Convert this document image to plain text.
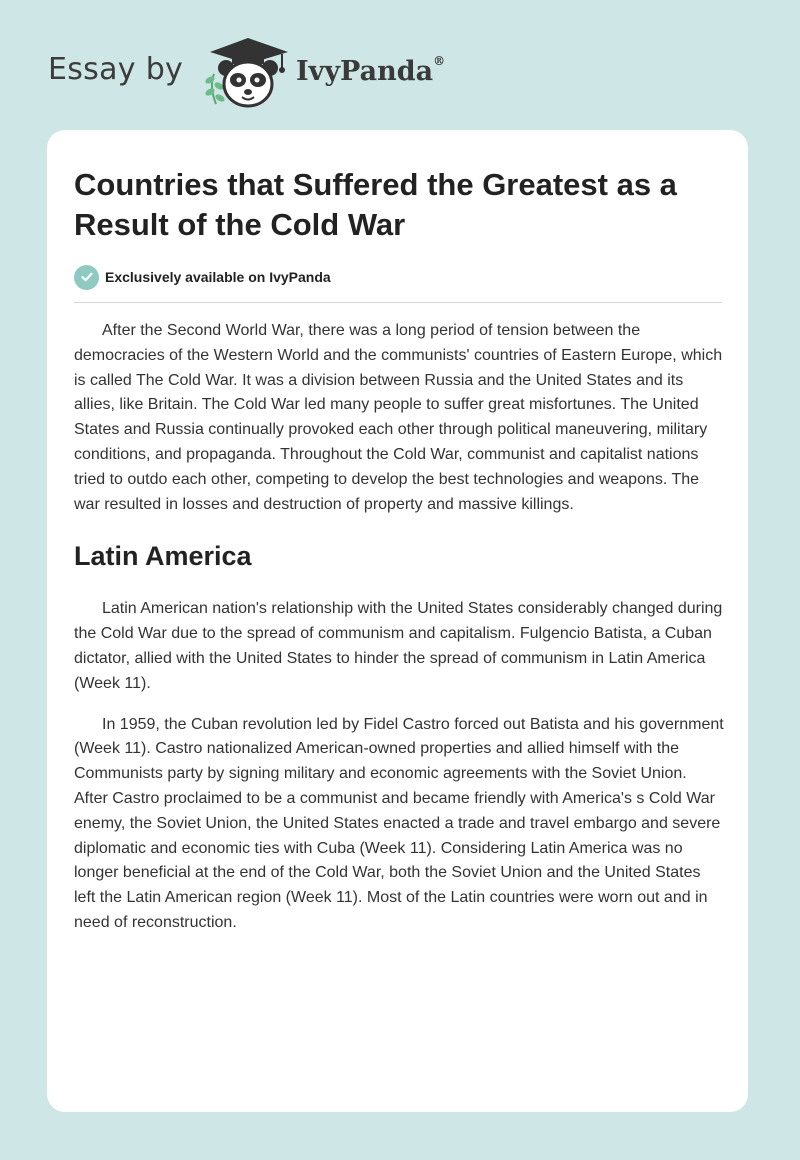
Essay by	IvyPanda®
Countries that Suffered the Greatest as a Result of the Cold War
Exclusively available on IvyPanda

After the Second World War, there was a long period of tension between the democracies of the Western World and the communists' countries of Eastern Europe, which is called The Cold War. It was a division between Russia and the United States and its allies, like Britain. The Cold War led many people to suffer great misfortunes. The United States and Russia continually provoked each other through political maneuvering, military conditions, and propaganda. Throughout the Cold War, communist and capitalist nations tried to outdo each other, competing to develop the best technologies and weapons. The war resulted in losses and destruction of property and massive killings.

Latin America

Latin American nation's relationship with the United States considerably changed during the Cold War due to the spread of communism and capitalism. Fulgencio Batista, a Cuban dictator, allied with the United States to hinder the spread of communism in Latin America (Week 11).

In 1959, the Cuban revolution led by Fidel Castro forced out Batista and his government (Week 11). Castro nationalized American-owned properties and allied himself with the Communists party by signing military and economic agreements with the Soviet Union. After Castro proclaimed to be a communist and became friendly with America's s Cold War enemy, the Soviet Union, the United States enacted a trade and travel embargo and severe diplomatic and economic ties with Cuba (Week 11). Considering Latin America was no longer beneficial at the end of the Cold War, both the Soviet Union and the United States left the Latin American region (Week 11). Most of the Latin countries were worn out and in need of reconstruction.
